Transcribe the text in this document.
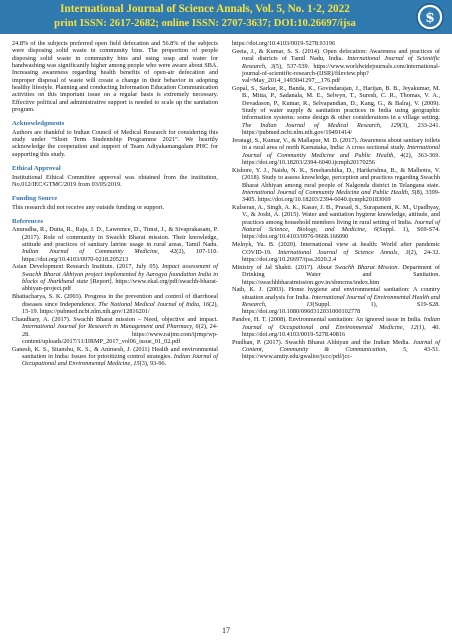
International Journal of Science Annals, Vol. 5, No. 1-2, 2022
print ISSN: 2617-2682; online ISSN: 2707-3637; DOI:10.26697/ijsa	$

24.8% of the subjects preferred open field defecation and 56.8% of the subjects were disposing solid waste in community bins. The proportion of people disposing solid waste in community bins and using soap and water for handwashing was significantly higher among people who were aware about SBA. Increasing awareness regarding health benefits of open-air defecation and improper disposal of waste will create a change in their behavior in adopting healthy lifestyle. Planning and conducting Information Education Communication activities on this important issue on a regular basis is extremely necessary. Effective political and administrative support is needed to scale up the sanitation program.

Acknowledgments

Authors are thankful to Indian Council of Medical Research for considering this study under “Short Term Studentship Programme 2021”. We heartily acknowledge the cooperation and support of Team Adiyakamangalam PHC for supporting this study.

Ethical Approval

Institutional Ethical Committee approval was obtained from the institution, No.012/IEC/GTMC/2019 from 03/05/2019.

Funding Source

This research did not receive any outside funding or support.

References
Anuradha, R., Dutta, R., Raja, J. D., Lawrence, D., Timsi, J., & Sivaprakasam, P. (2017). Role of community in Swachh Bharat mission. Their knowledge, attitude and practices of sanitary latrine usage in rural areas, Tamil Nadu. Indian Journal of Community Medicine, 42(2), 107-110. https://doi.org/10.4103/0970-0218.205213
Asian Development Research Institute. (2017, July 05). Impact assessment of Swachh Bharat Abhiyan project implemented by Aarogya foundation India in blocks of Jharkhand state [Report]. https://www.ekal.org/pdf/swachh-bharat-abhiyan-project.pdf
Bhattacharya, S. K. (2003). Progress in the prevention and control of diarrhoeal diseases since Independence. The National Medical Journal of India, 16(2), 15-19. https://pubmed.ncbi.nlm.nih.gov/12816201/
Chaudhary, A. (2017). Swachh Bharat mission – Need, objective and impact. International Journal for Research in Management and Pharmacy, 6(2), 24-28. https://www.raijmr.com/ijrmp/wp-content/uploads/2017/11/IJRMP_2017_vol06_issue_01_02.pdf
Ganesh, K. S., Sitanshu, K. S., & Animesh, J. (2011) Health and environmental sanitation in India: Issues for prioritizing control strategies. Indian Journal of Occupational and Environmental Medicine, 15(3), 93-96.
https://doi.org/10.4103/0019-5278.93196
Geeta, J., & Kumar, S. S. (2014). Open defecation: Awareness and practices of rural districts of Tamil Nadu, India. International Journal of Scientific Research, 3(5), 537-539. https://www.worldwidejournals.com/international-journal-of-scientific-research-(IJSR)/fileview.php?val=May_2014_1493041297__176.pdf
Gopal, S., Sarkar, R., Banda, K., Govindarajan, J., Harijan, B. B., Jeyakumar, M. B., Mitta, P., Sadanala, M. E., Selwyn, T., Suresh, C. R., Thomas, V. A., Devadason, P., Kumar, R., Selvapandian, D., Kang, G., & Balraj, V. (2009). Study of water supply & sanitation practices in India using geographic information systems: some design & other considerations in a village setting. The Indian Journal of Medical Research, 129(3), 233-241. https://pubmed.ncbi.nlm.nih.gov/19491414/
Jeratagi, S., Kumar, V., & Mallapur, M. D. (2017). Awareness about sanitary toilets in a rural area of north Karnataka, India: A cross sectional study. International Journal of Community Medicine and Public Health, 4(2), 363-369. https://doi.org/10.18203/2394-6040.ijcmph20170256
Kishore, Y. J., Naidu, N. K., Sreeharshika, D., Harikrishna, B., & Malhotra, V. (2018). Study to assess knowledge, perception and practices regarding Swachh Bharat Abhiyan among rural people of Nalgonda district in Telangana state. International Journal of Community Medicine and Public Health, 5(8), 3399-3405. https://doi.org/10.18203/2394-6040.ijcmph20183069
Kulseran, A., Singh, A. K., Kasav, J. B., Prasad, S., Surapaneni, K. M., Upadhyay, V., & Joshi, A. (2015). Water and sanitation hygiene knowledge, attitude, and practices among household members living in rural setting of India. Journal of Natural Science, Biology, and Medicine, 6(Suppl. 1), S69-S74. https://doi.org/10.4103/0976-9668.166090
Melnyk, Yu. B. (2020). International view at health: World after pandemic COVID-19. International Journal of Science Annals, 3(2), 24-32. https://doi.org/10.26697/ijsa.2020.2.4
Ministry of Jal Shakti. (2017). About Swachh Bharat Mission. Department of Drinking Water and Sanitation. https://swachhbharatmission.gov.in/sbmcms/index.htm
Nath, K. J. (2003). Home hygiene and environmental sanitation: A country situation analysis for India. International Journal of Environmental Health and Research, 13(Suppl. 1), S19-S28. https://doi.org/10.1080/0960312031000102778
Pandve, H. T. (2008). Environmental sanitation: An ignored issue in India. Indian Journal of Occupational and Environmental Medicine, 12(1), 40. https://doi.org/10.4103/0019-5278.40816
Pradhan, P. (2017). Swachh Bharat Abhiyan and the Indian Media. Journal of Content, Community & Communication, 5, 43-51. https://www.amity.edu/gwalior/jccc/pdf/jcc-
17
